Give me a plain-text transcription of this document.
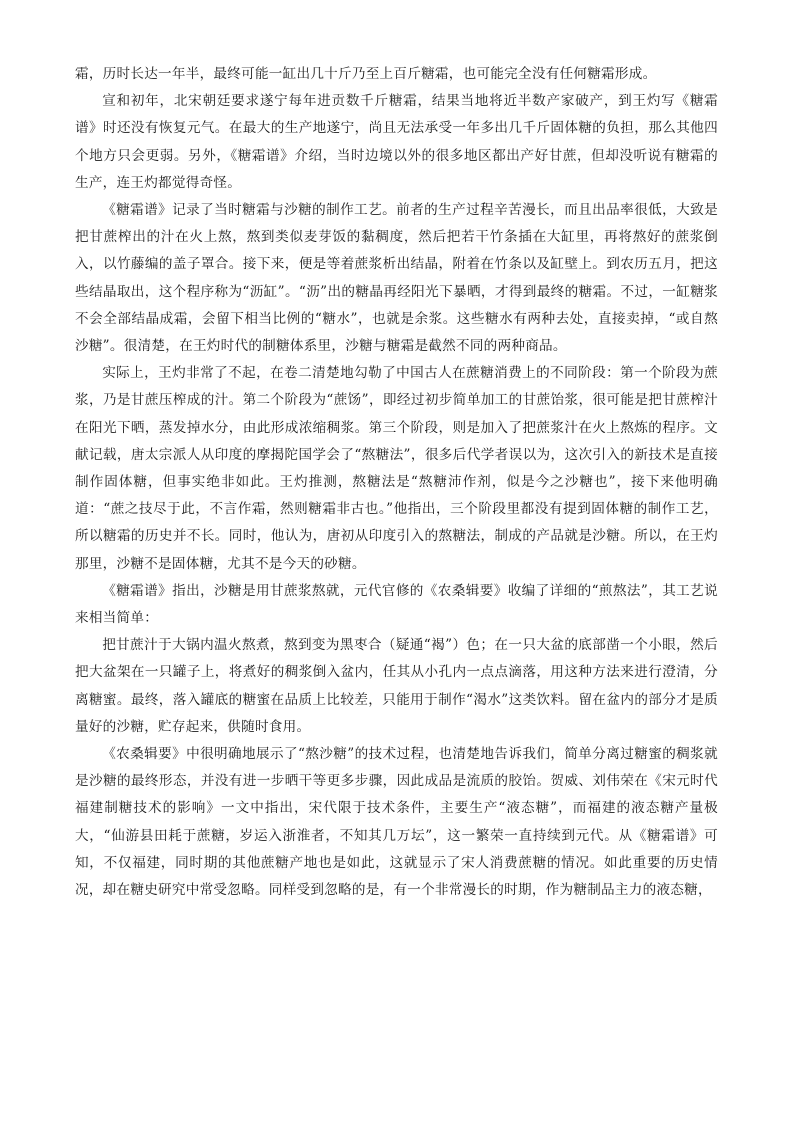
霜，历时长达一年半，最终可能一缸出几十斤乃至上百斤糖霜，也可能完全没有任何糖霜形成。

宣和初年，北宋朝廷要求遂宁每年进贡数千斤糖霜，结果当地将近半数产家破产，到王灼写《糖霜谱》时还没有恢复元气。在最大的生产地遂宁，尚且无法承受一年多出几千斤固体糖的负担，那么其他四个地方只会更弱。另外，《糖霜谱》介绍，当时边境以外的很多地区都出产好甘蔗，但却没听说有糖霜的生产，连王灼都觉得奇怪。

《糖霜谱》记录了当时糖霜与沙糖的制作工艺。前者的生产过程辛苦漫长，而且出品率很低，大致是把甘蔗榨出的汁在火上熬，熬到类似麦芽饭的黏稠度，然后把若干竹条插在大缸里，再将熬好的蔗浆倒入，以竹藤编的盖子罩合。接下来，便是等着蔗浆析出结晶，附着在竹条以及缸壁上。到农历五月，把这些结晶取出，这个程序称为“沥缸”。“沥”出的糖晶再经阳光下暴晒，才得到最终的糖霜。不过，一缸糖浆不会全部结晶成霜，会留下相当比例的“糖水”，也就是余浆。这些糖水有两种去处，直接卖掉，“或自熬沙糖”。很清楚，在王灼时代的制糖体系里，沙糖与糖霜是截然不同的两种商品。

实际上，王灼非常了不起，在卷二清楚地勾勒了中国古人在蔗糖消费上的不同阶段：第一个阶段为蔗浆，乃是甘蔗压榨成的汁。第二个阶段为“蔗饧”，即经过初步简单加工的甘蔗饴浆，很可能是把甘蔗榨汁在阳光下晒，蒸发掉水分，由此形成浓缩稠浆。第三个阶段，则是加入了把蔗浆汁在火上熬炼的程序。文献记载，唐太宗派人从印度的摩揭陀国学会了“熬糖法”，很多后代学者误以为，这次引入的新技术是直接制作固体糖，但事实绝非如此。王灼推测，熬糖法是“熬糖沛作剂，似是今之沙糖也”，接下来他明确道：“蔗之技尽于此，不言作霜，然则糖霜非古也。”他指出，三个阶段里都没有提到固体糖的制作工艺，所以糖霜的历史并不长。同时，他认为，唐初从印度引入的熬糖法，制成的产品就是沙糖。所以，在王灼那里，沙糖不是固体糖，尤其不是今天的砂糖。

《糖霜谱》指出，沙糖是用甘蔗浆熬就，元代官修的《农桑辑要》收编了详细的“煎熬法”，其工艺说来相当简单：

把甘蔗汁于大锅内温火熬煮，熬到变为黑枣合（疑通“褐”）色；在一只大盆的底部凿一个小眼，然后把大盆架在一只罐子上，将煮好的稠浆倒入盆内，任其从小孔内一点点滴落，用这种方法来进行澄清，分离糖蜜。最终，落入罐底的糖蜜在品质上比较差，只能用于制作“渴水”这类饮料。留在盆内的部分才是质量好的沙糖，贮存起来，供随时食用。

《农桑辑要》中很明确地展示了“熬沙糖”的技术过程，也清楚地告诉我们，简单分离过糖蜜的稠浆就是沙糖的最终形态，并没有进一步晒干等更多步骤，因此成品是流质的胶饴。贺威、刘伟荣在《宋元时代福建制糖技术的影响》一文中指出，宋代限于技术条件，主要生产“液态糖”，而福建的液态糖产量极大，“仙游县田耗于蔗糖，岁运入浙淮者，不知其几万坛”，这一繁荣一直持续到元代。从《糖霜谱》可知，不仅福建，同时期的其他蔗糖产地也是如此，这就显示了宋人消费蔗糖的情况。如此重要的历史情况，却在糖史研究中常受忽略。同样受到忽略的是，有一个非常漫长的时期，作为糖制品主力的液态糖，
